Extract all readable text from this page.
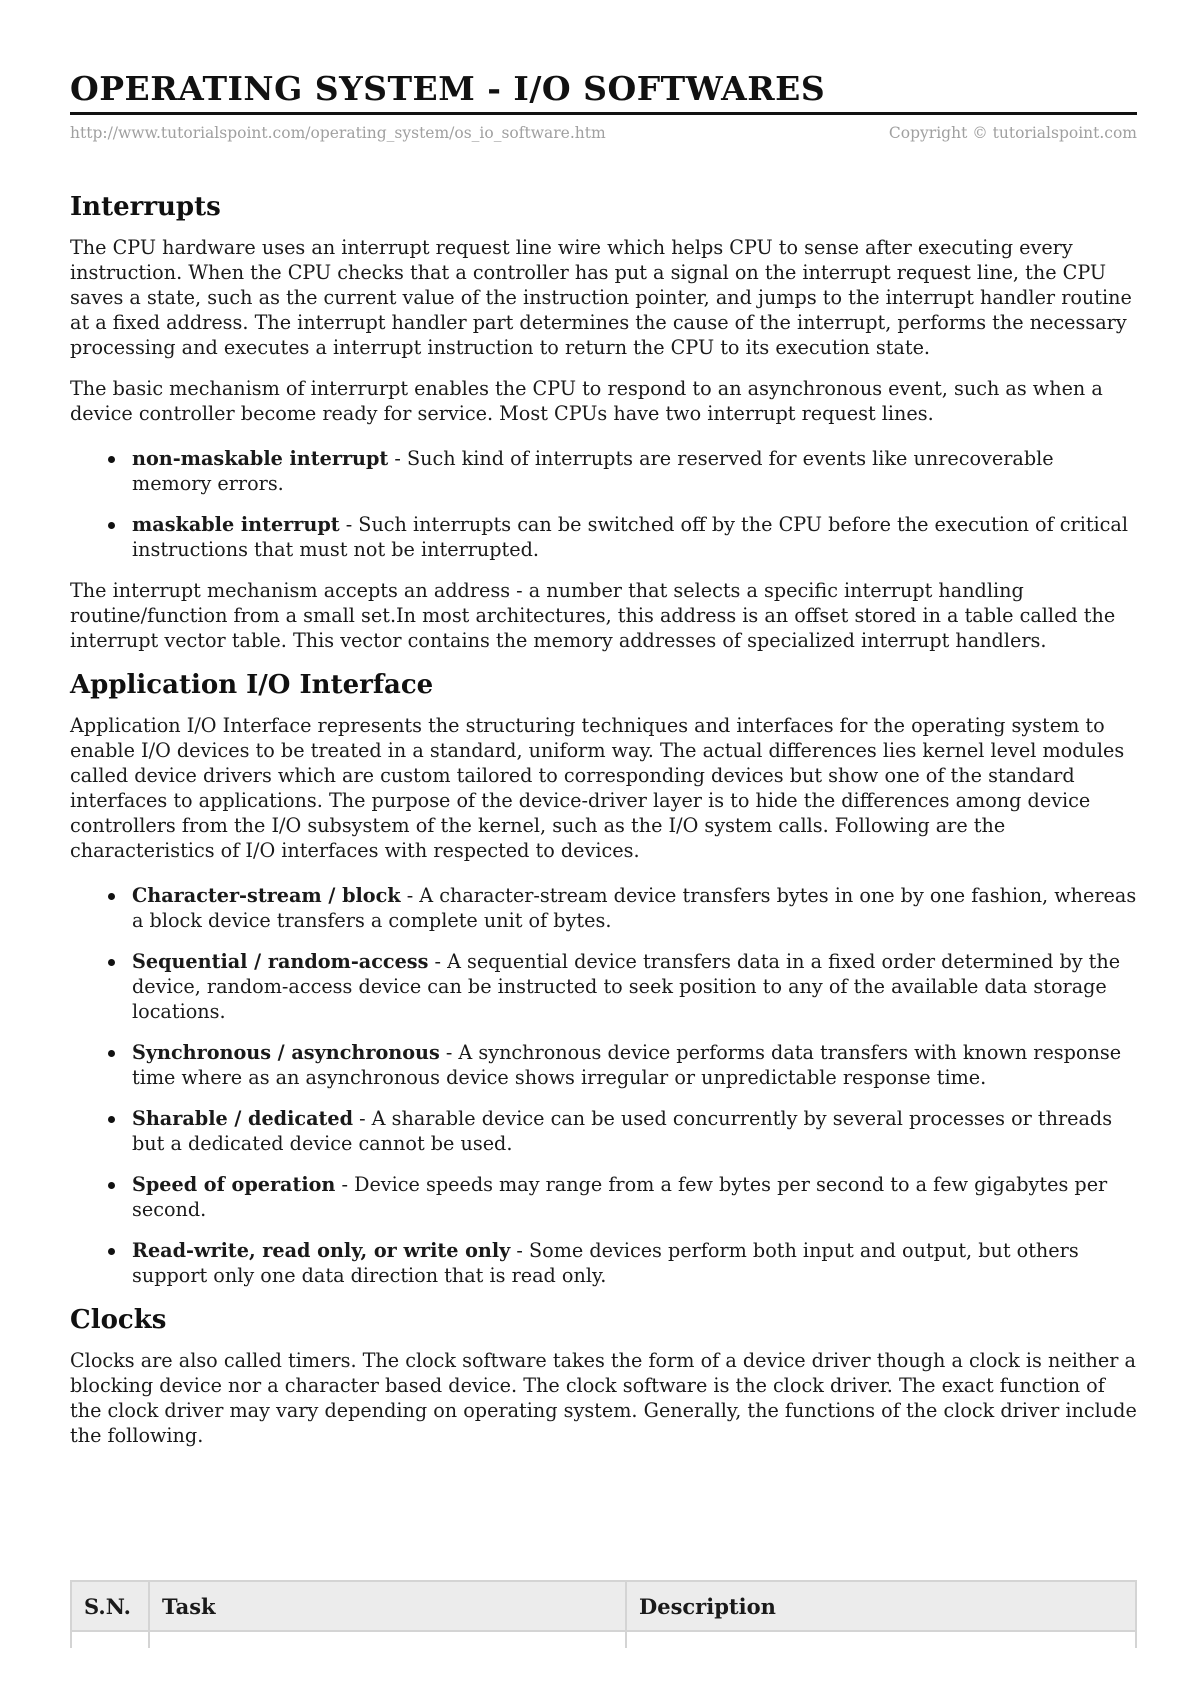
OPERATING SYSTEM - I/O SOFTWARES
http://www.tutorialspoint.com/operating_system/os_io_software.htm	Copyright © tutorialspoint.com
Interrupts

The CPU hardware uses an interrupt request line wire which helps CPU to sense after executing every instruction. When the CPU checks that a controller has put a signal on the interrupt request line, the CPU saves a state, such as the current value of the instruction pointer, and jumps to the interrupt handler routine at a fixed address. The interrupt handler part determines the cause of the interrupt, performs the necessary processing and executes a interrupt instruction to return the CPU to its execution state.

The basic mechanism of interrurpt enables the CPU to respond to an asynchronous event, such as when a device controller become ready for service. Most CPUs have two interrupt request lines.

non-maskable interrupt - Such kind of interrupts are reserved for events like unrecoverable memory errors.
maskable interrupt - Such interrupts can be switched off by the CPU before the execution of critical instructions that must not be interrupted.

The interrupt mechanism accepts an address - a number that selects a specific interrupt handling routine/function from a small set.In most architectures, this address is an offset stored in a table called the interrupt vector table. This vector contains the memory addresses of specialized interrupt handlers.

Application I/O Interface

Application I/O Interface represents the structuring techniques and interfaces for the operating system to enable I/O devices to be treated in a standard, uniform way. The actual differences lies kernel level modules called device drivers which are custom tailored to corresponding devices but show one of the standard interfaces to applications. The purpose of the device-driver layer is to hide the differences among device controllers from the I/O subsystem of the kernel, such as the I/O system calls. Following are the characteristics of I/O interfaces with respected to devices.

Character-stream / block - A character-stream device transfers bytes in one by one fashion, whereas a block device transfers a complete unit of bytes.
Sequential / random-access - A sequential device transfers data in a fixed order determined by the device, random-access device can be instructed to seek position to any of the available data storage locations.
Synchronous / asynchronous - A synchronous device performs data transfers with known response time where as an asynchronous device shows irregular or unpredictable response time.
Sharable / dedicated - A sharable device can be used concurrently by several processes or threads but a dedicated device cannot be used.
Speed of operation - Device speeds may range from a few bytes per second to a few gigabytes per second.
Read-write, read only, or write only - Some devices perform both input and output, but others support only one data direction that is read only.
Clocks

Clocks are also called timers. The clock software takes the form of a device driver though a clock is neither a blocking device nor a character based device. The clock software is the clock driver. The exact function of the clock driver may vary depending on operating system. Generally, the functions of the clock driver include the following.

S.N.	Task	Description
